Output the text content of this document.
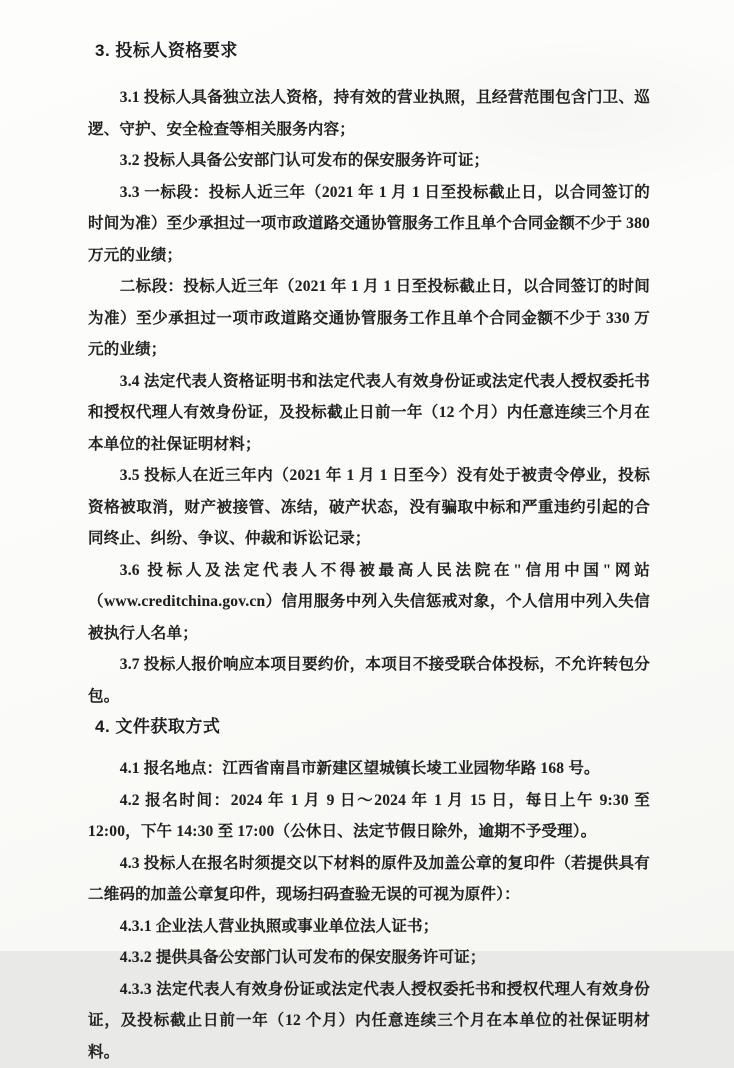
3. 投标人资格要求

3.1 投标人具备独立法人资格，持有效的营业执照，且经营范围包含门卫、巡逻、守护、安全检查等相关服务内容；

3.2 投标人具备公安部门认可发布的保安服务许可证；

3.3 一标段：投标人近三年（2021 年 1 月 1 日至投标截止日，以合同签订的时间为准）至少承担过一项市政道路交通协管服务工作且单个合同金额不少于 380 万元的业绩；

二标段：投标人近三年（2021 年 1 月 1 日至投标截止日，以合同签订的时间为准）至少承担过一项市政道路交通协管服务工作且单个合同金额不少于 330 万元的业绩；

3.4 法定代表人资格证明书和法定代表人有效身份证或法定代表人授权委托书和授权代理人有效身份证，及投标截止日前一年（12 个月）内任意连续三个月在本单位的社保证明材料；

3.5 投标人在近三年内（2021 年 1 月 1 日至今）没有处于被责令停业，投标资格被取消，财产被接管、冻结，破产状态，没有骗取中标和严重违约引起的合同终止、纠纷、争议、仲裁和诉讼记录；

3.6 投标人及法定代表人不得被最高人民法院在"信用中国"网站（www.creditchina.gov.cn）信用服务中列入失信惩戒对象，个人信用中列入失信被执行人名单；

3.7 投标人报价响应本项目要约价，本项目不接受联合体投标，不允许转包分包。

4. 文件获取方式

4.1 报名地点：江西省南昌市新建区望城镇长堎工业园物华路 168 号。

4.2 报名时间：2024 年 1 月 9 日～2024 年 1 月 15 日，每日上午 9:30 至 12:00，下午 14:30 至 17:00（公休日、法定节假日除外，逾期不予受理）。

4.3 投标人在报名时须提交以下材料的原件及加盖公章的复印件（若提供具有二维码的加盖公章复印件，现场扫码查验无误的可视为原件）：

4.3.1 企业法人营业执照或事业单位法人证书；

4.3.2 提供具备公安部门认可发布的保安服务许可证；

4.3.3 法定代表人有效身份证或法定代表人授权委托书和授权代理人有效身份证，及投标截止日前一年（12 个月）内任意连续三个月在本单位的社保证明材料。
